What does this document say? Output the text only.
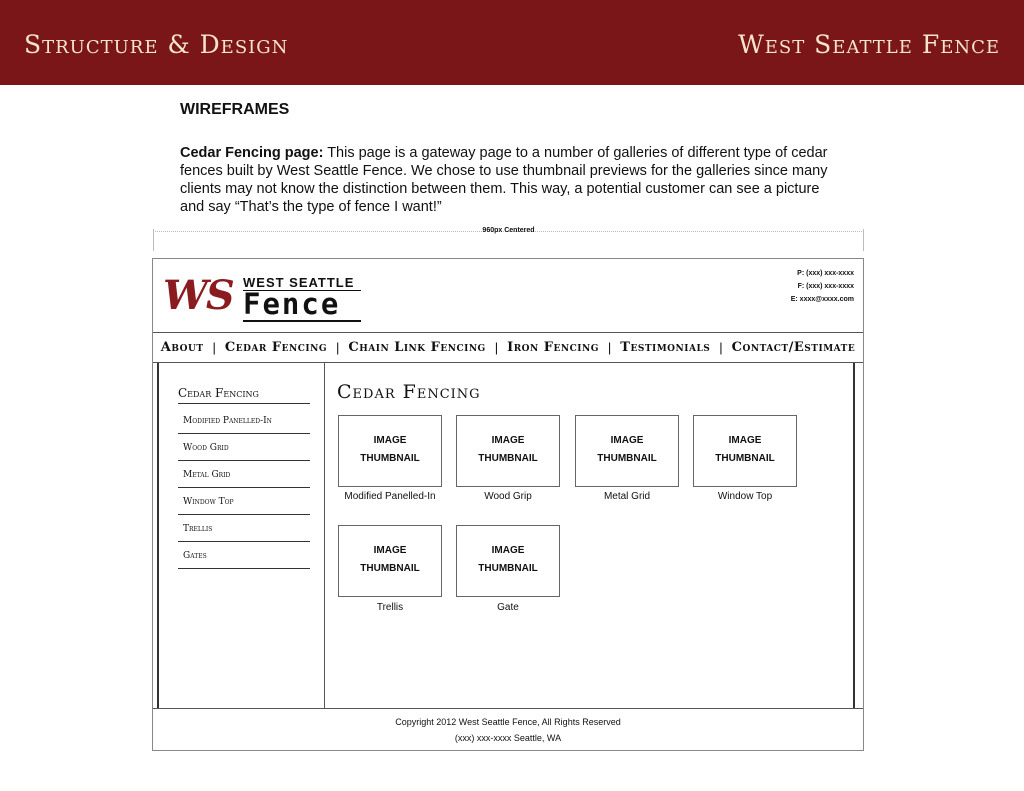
Structure & Design	West Seattle Fence
WIREFRAMES
Cedar Fencing page: This page is a gateway page to a number of galleries of different type of cedar fences built by West Seattle Fence. We chose to use thumbnail previews for the galleries since many clients may not know the distinction between them. This way, a potential customer can see a picture and say “That’s the type of fence I want!”
960px Centered
WS WEST SEATTLE
Fence
P: (xxx) xxx-xxxx
F: (xxx) xxx-xxxx
E: xxxx@xxxx.com
About | Cedar Fencing | Chain Link Fencing | Iron Fencing | Testimonials | Contact/Estimate
Cedar Fencing
Modified Panelled-In
Wood Grid
Metal Grid
Window Top
Trellis
Gates
Cedar Fencing
IMAGE
THUMBNAIL
Modified Panelled-In
IMAGE
THUMBNAIL
Wood Grip
IMAGE
THUMBNAIL
Metal Grid
IMAGE
THUMBNAIL
Window Top
IMAGE
THUMBNAIL
Trellis
IMAGE
THUMBNAIL
Gate
Copyright 2012 West Seattle Fence, All Rights Reserved
(xxx) xxx-xxxx Seattle, WA
